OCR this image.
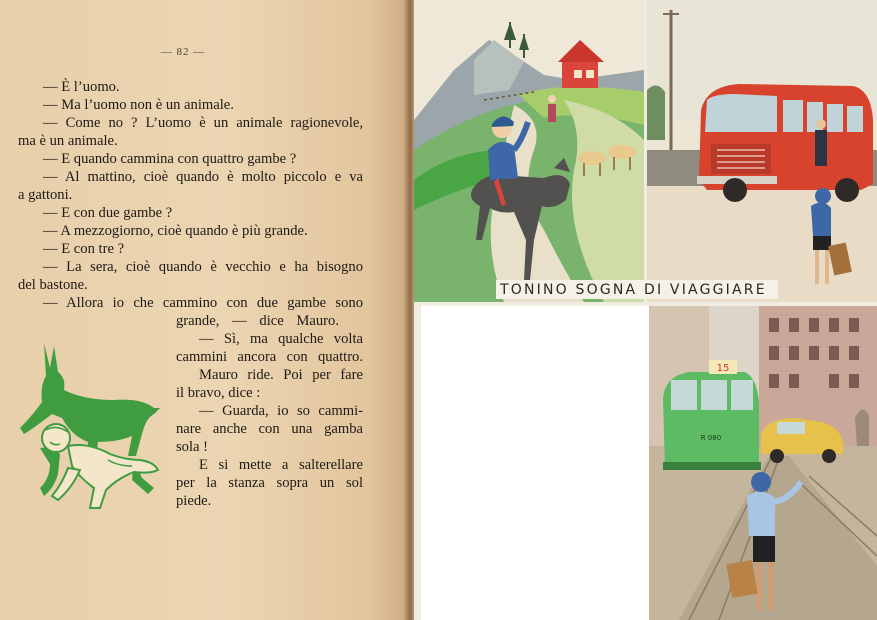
— 82 —
— È l’uomo.
— Ma l’uomo non è un animale.
— Come no ? L’uomo è un animale ragionevole,
ma è un animale.
— E quando cammina con quattro gambe ?
— Al mattino, cioè quando è molto piccolo e va
a gattoni.
— E con due gambe ?
— A mezzogiorno, cioè quando è più grande.
— E con tre ?
— La sera, cioè quando è vecchio e ha bisogno
del bastone.
— Allora io che cammino con due gambe sono
grande, — dice Mauro.
— Sì, ma qualche volta
cammini ancora con quattro.
Mauro ride. Poi per fare
il bravo, dice :
— Guarda, io so cammi-
nare anche con una gamba
sola !
E si mette a salterellare
per la stanza sopra un sol
piede.
TONINO SOGNA DI VIAGGIARE
15
R 080
